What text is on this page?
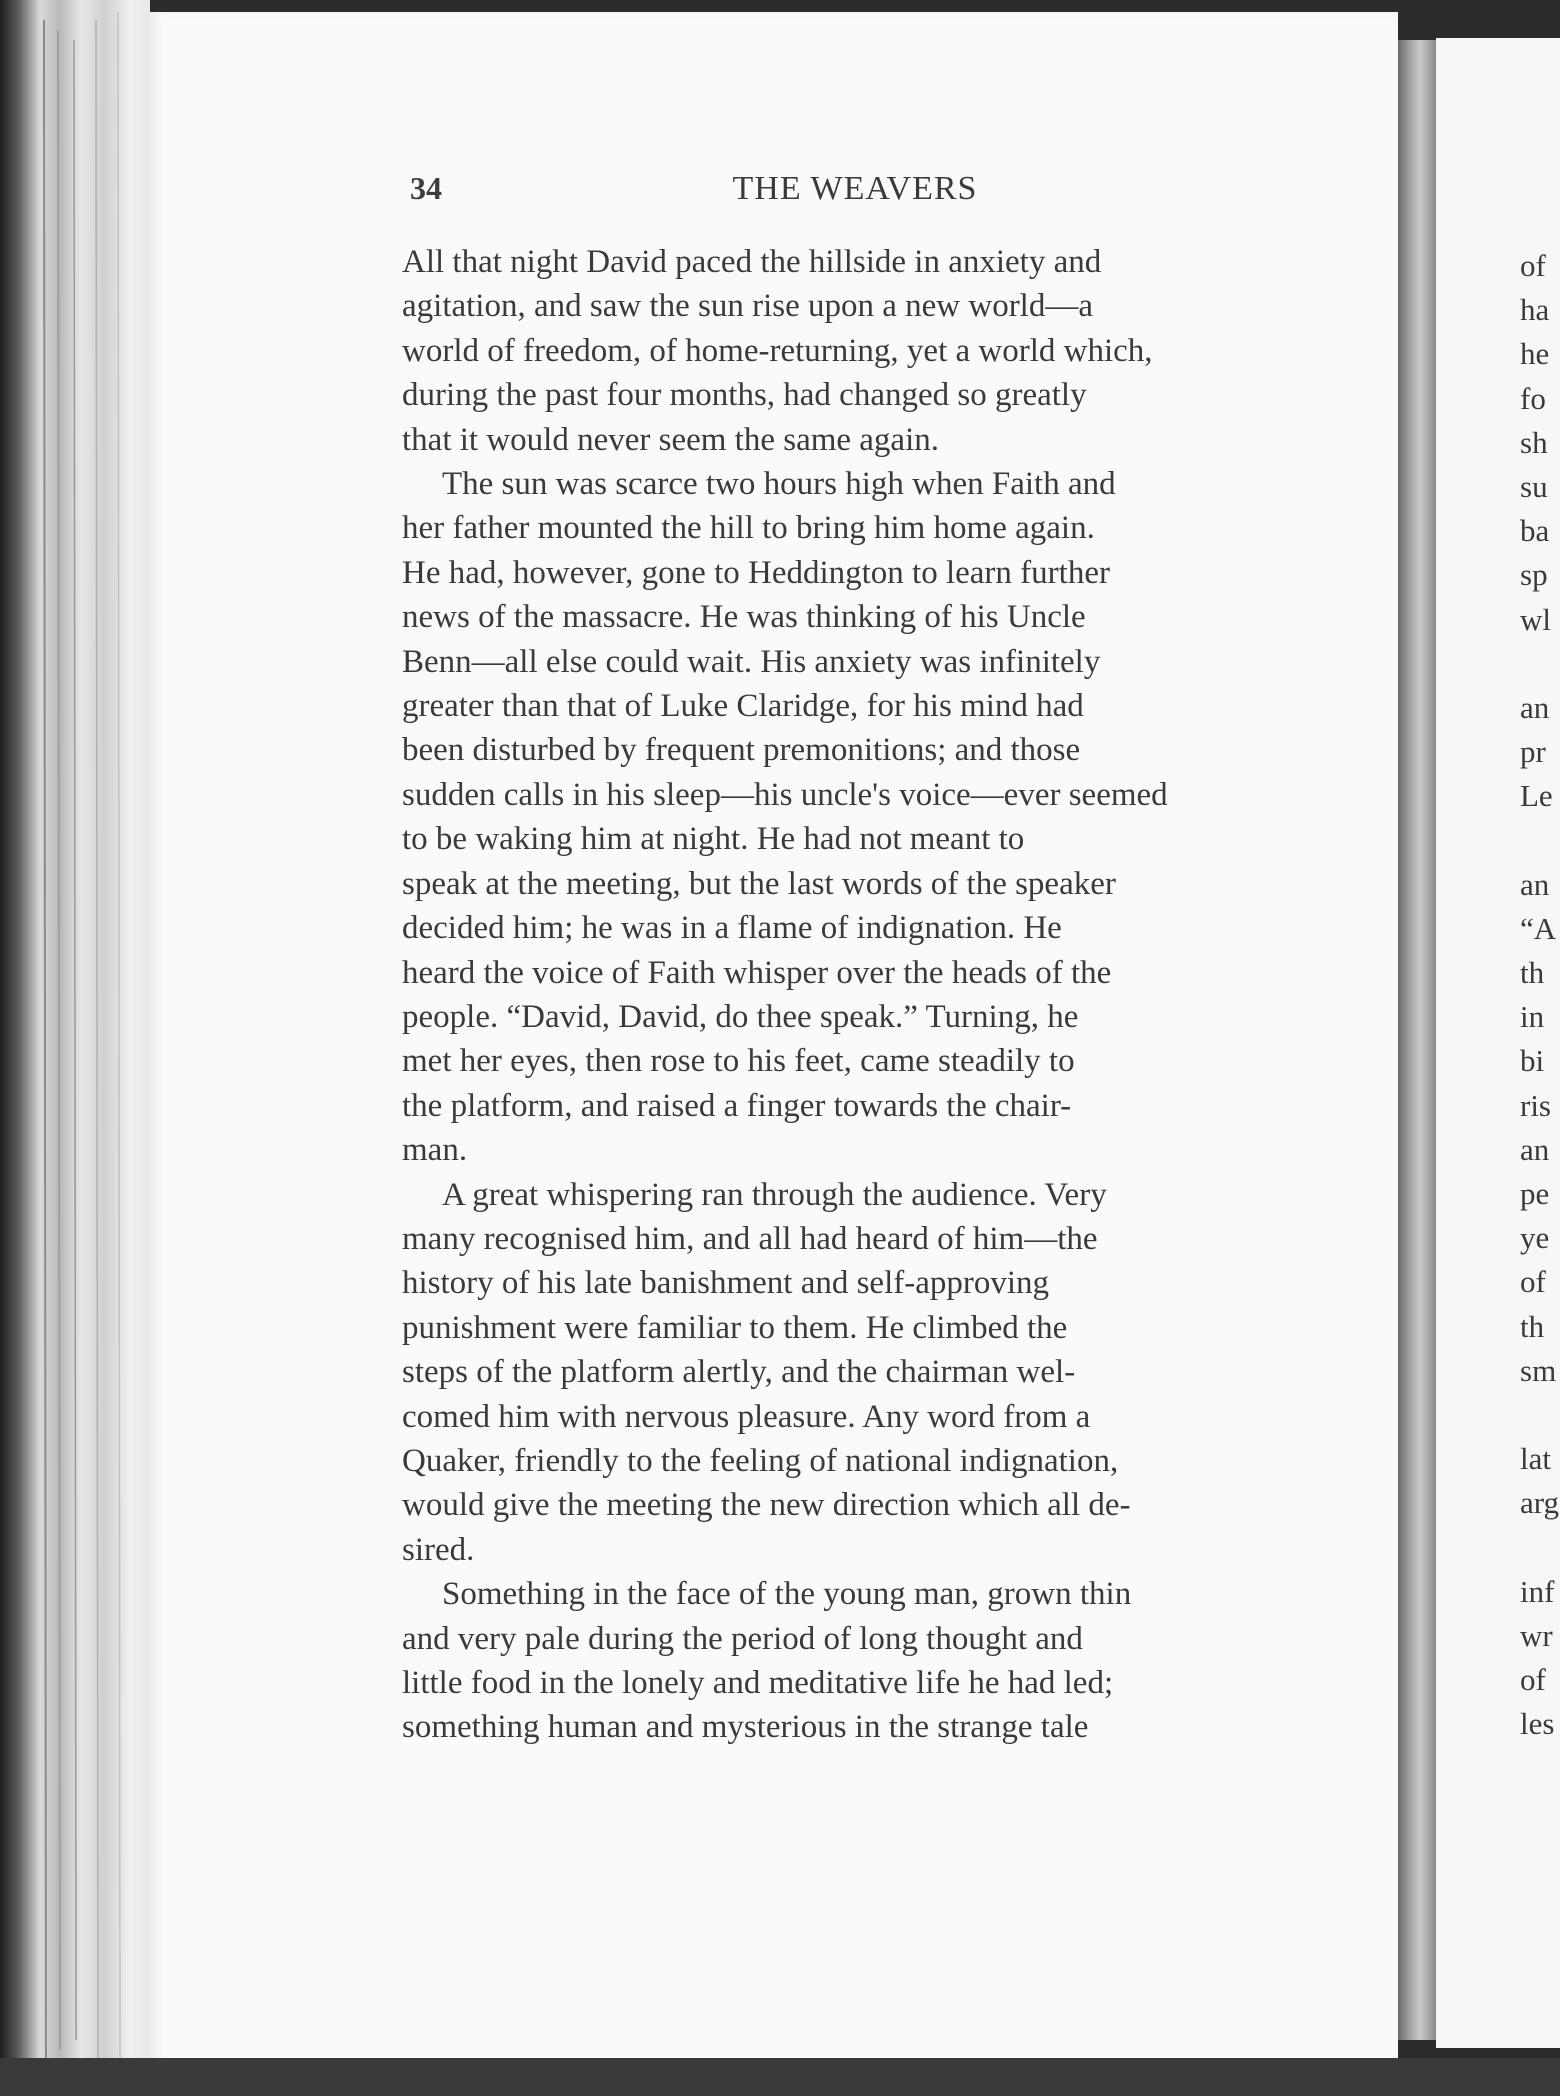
34	THE WEAVERS
All that night David paced the hillside in anxiety and
agitation, and saw the sun rise upon a new world—a
world of freedom, of home-returning, yet a world which,
during the past four months, had changed so greatly
that it would never seem the same again.
The sun was scarce two hours high when Faith and
her father mounted the hill to bring him home again.
He had, however, gone to Heddington to learn further
news of the massacre. He was thinking of his Uncle
Benn—all else could wait. His anxiety was infinitely
greater than that of Luke Claridge, for his mind had
been disturbed by frequent premonitions; and those
sudden calls in his sleep—his uncle's voice—ever seemed
to be waking him at night. He had not meant to
speak at the meeting, but the last words of the speaker
decided him; he was in a flame of indignation. He
heard the voice of Faith whisper over the heads of the
people. “David, David, do thee speak.” Turning, he
met her eyes, then rose to his feet, came steadily to
the platform, and raised a finger towards the chair-
man.
A great whispering ran through the audience. Very
many recognised him, and all had heard of him—the
history of his late banishment and self-approving
punishment were familiar to them. He climbed the
steps of the platform alertly, and the chairman wel-
comed him with nervous pleasure. Any word from a
Quaker, friendly to the feeling of national indignation,
would give the meeting the new direction which all de-
sired.
Something in the face of the young man, grown thin
and very pale during the period of long thought and
little food in the lonely and meditative life he had led;
something human and mysterious in the strange tale
of
ha
he
fo
sh
su
ba
sp
wl
an
pr
Le
an
“A
th
in
bi
ris
an
pe
ye
of
th
sm
lat
arg
inf
wr
of
les
